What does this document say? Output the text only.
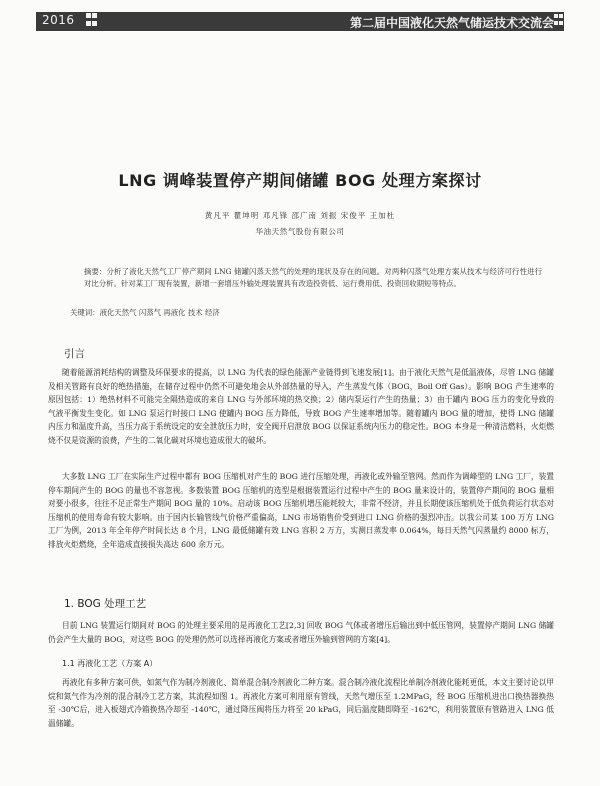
2016	第二届中国液化天然气储运技术交流会
LNG 调峰装置停产期间储罐 BOG 处理方案探讨
黄凡平 瞿坤明 邓凡锋 邵广南 刘振 宋俊平 王加杜
华油天然气股份有限公司
摘要：分析了液化天然气工厂停产期间 LNG 储罐闪蒸天然气的处理的现状及存在的问题。对两种闪蒸气处理方案从技术与经济可行性进行对比分析。针对某工厂现有装置，新增一套增压外输处理装置具有改造投资低、运行费用低、投资回收期短等特点。
关键词：液化天然气 闪蒸气 再液化 技术 经济
引言

随着能源消耗结构的调整及环保要求的提高，以 LNG 为代表的绿色能源产业链得到飞速发展[1]。由于液化天然气是低温液体，尽管 LNG 储罐及相关管路有良好的绝热措施，在储存过程中仍然不可避免地会从外部热量的导入，产生蒸发气体（BOG，Boil Off Gas）。影响 BOG 产生速率的原因包括：1）绝热材料不可能完全隔热造成的来自 LNG 与外部环境的热交换；2）储内泵运行产生的热量；3）由于罐内 BOG 压力的变化导致的气液平衡发生变化。如 LNG 泵运行时接口 LNG 使罐内 BOG 压力降低，导致 BOG 产生速率增加等。随着罐内 BOG 量的增加，使得 LNG 储罐内压力和温度升高，当压力高于系统设定的安全泄放压力时，安全阀开启泄放 BOG 以保证系统内压力的稳定性。BOG 本身是一种清洁燃料，火炬燃烧不仅是资源的浪费，产生的二氧化碳对环境也造成很大的破坏。

大多数 LNG 工厂在实际生产过程中都有 BOG 压缩机对产生的 BOG 进行压缩处理，再液化或外输至管网。然而作为调峰型的 LNG 工厂，装置停车期间产生的 BOG 的量也不容忽视。多数装置 BOG 压缩机的选型是根据装置运行过程中产生的 BOG 量来设计的，装置停产期间的 BOG 量相对要小很多，往往不足正常生产期间 BOG 量的 10%。启动该 BOG 压缩机增压能耗较大，非常不经济，并且长期使该压缩机处于低负荷运行状态对压缩机的使用寿命有较大影响。由于国内长输管线气价格严重偏高，LNG 市场销售价受到进口 LNG 价格的强烈冲击。以我公司某 100 万方 LNG 工厂为例，2013 年全年停产时间长达 8 个月，LNG 最低储罐有效 LNG 容积 2 万方，实测日蒸发率 0.064%，每日天然气闪蒸量约 8000 标方，排放火炬燃烧，全年造成直接损失高达 600 余万元。

1. BOG 处理工艺

目前 LNG 装置运行期间对 BOG 的处理主要采用的是再液化工艺[2,3] 回收 BOG 气体或者增压后输出到中低压管网，装置停产期间 LNG 储罐仍会产生大量的 BOG，对这些 BOG 的处理仍然可以选择再液化方案或者增压外输到管网的方案[4]。

1.1 再液化工艺（方案 A）

再液化有多种方案可供，如氮气作为制冷剂液化、简单混合制冷剂液化二种方案。混合制冷液化流程比单制冷剂液化能耗更低，本文主要讨论以甲烷和氮气作为冷剂的混合制冷工艺方案，其流程如图 1。再液化方案可利用原有管线，天然气增压至 1.2MPaG，经 BOG 压缩机进出口换热器换热至 -30℃后，进入板翅式冷箱换热冷却至 -140℃，通过降压阀将压力将至 20 kPaG，同后温度随即降至 -162℃，利用装置原有管路进入 LNG 低温储罐。
